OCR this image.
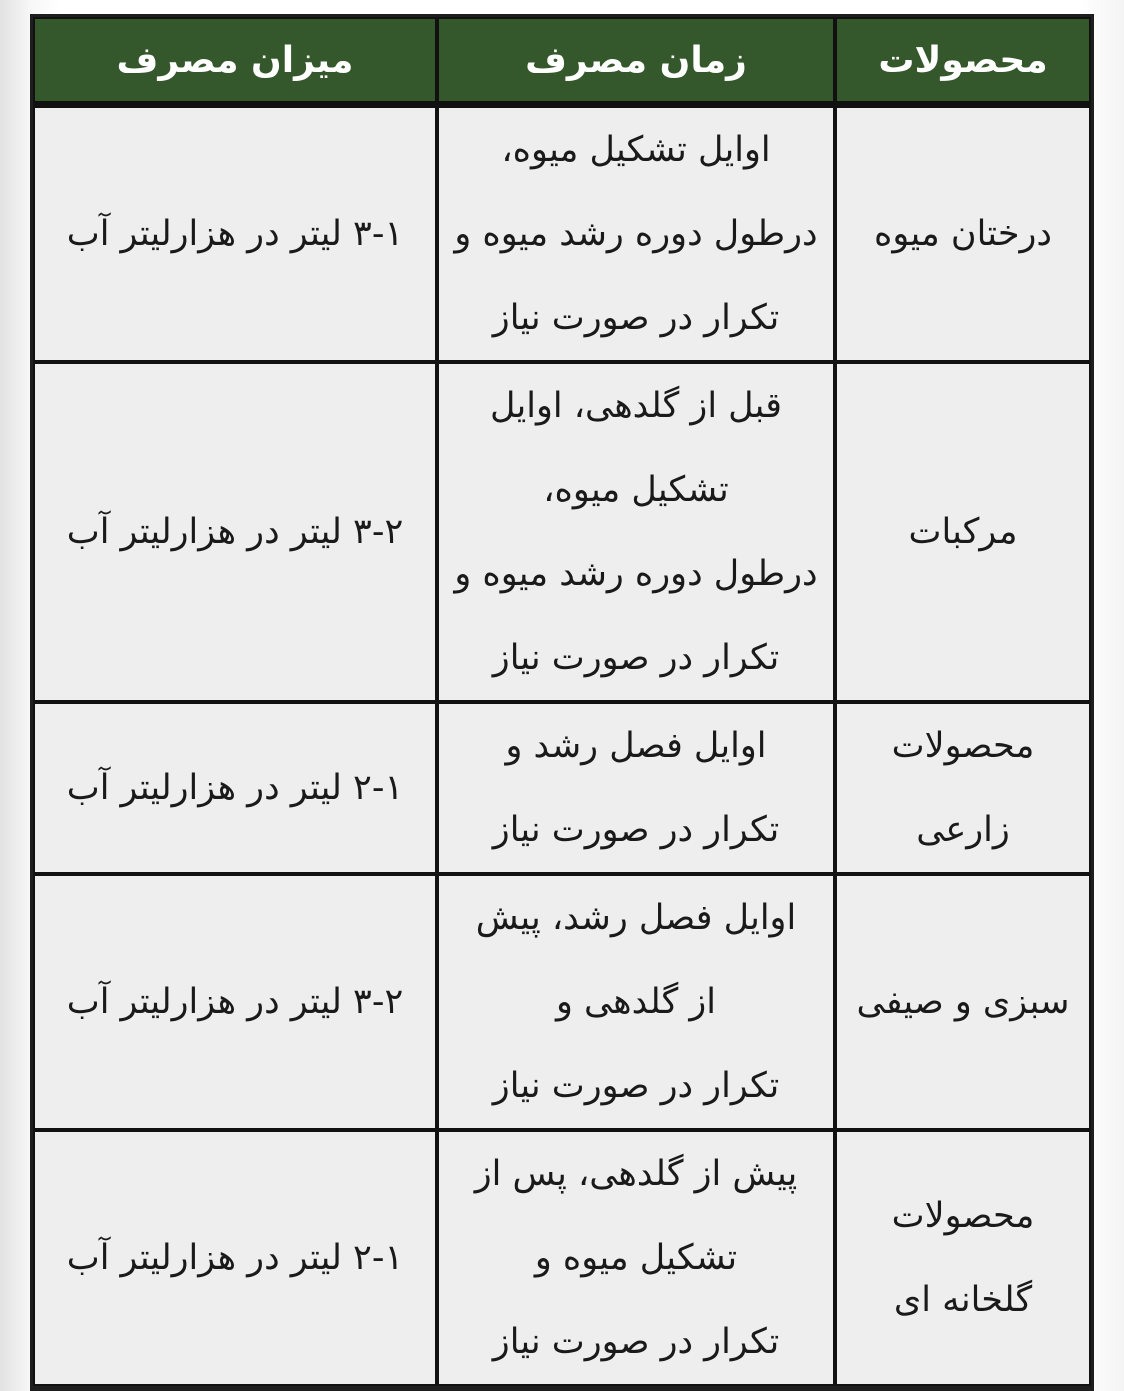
محصولات	زمان مصرف	میزان مصرف

درختان میوه	اوایل تشکیل میوه،
درطول دوره رشد میوه و
تکرار در صورت نیاز	۳-۱ لیتر در هزارلیتر آب

مرکبات	قبل از گلدهی، اوایل
تشکیل میوه،
درطول دوره رشد میوه و
تکرار در صورت نیاز	۳-۲ لیتر در هزارلیتر آب

محصولات
زارعی	اوایل فصل رشد و
تکرار در صورت نیاز	۲-۱ لیتر در هزارلیتر آب

سبزی و صیفی	اوایل فصل رشد، پیش
از گلدهی و
تکرار در صورت نیاز	۳-۲ لیتر در هزارلیتر آب

محصولات
گلخانه ای	پیش از گلدهی، پس از
تشکیل میوه و
تکرار در صورت نیاز	۲-۱ لیتر در هزارلیتر آب
